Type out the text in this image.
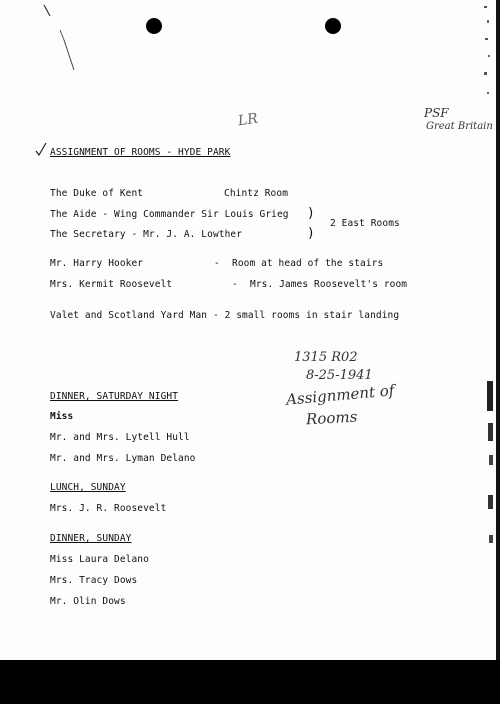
PSF
Great Britain
LR
ASSIGNMENT OF ROOMS - HYDE PARK
The Duke of Kent	Chintz Room
The Aide - Wing Commander Sir Louis Grieg
The Secretary - Mr. J. A. Lowther
)
)
2 East Rooms
Mr. Harry Hooker	- Room at head of the stairs
Mrs. Kermit Roosevelt	- Mrs. James Roosevelt's room
Valet and Scotland Yard Man - 2 small rooms in stair landing
1315 R02
8-25-1941
Assignment of
Rooms
DINNER, SATURDAY NIGHT
Miss
Mr. and Mrs. Lytell Hull
Mr. and Mrs. Lyman Delano
LUNCH, SUNDAY
Mrs. J. R. Roosevelt
DINNER, SUNDAY
Miss Laura Delano
Mrs. Tracy Dows
Mr. Olin Dows
